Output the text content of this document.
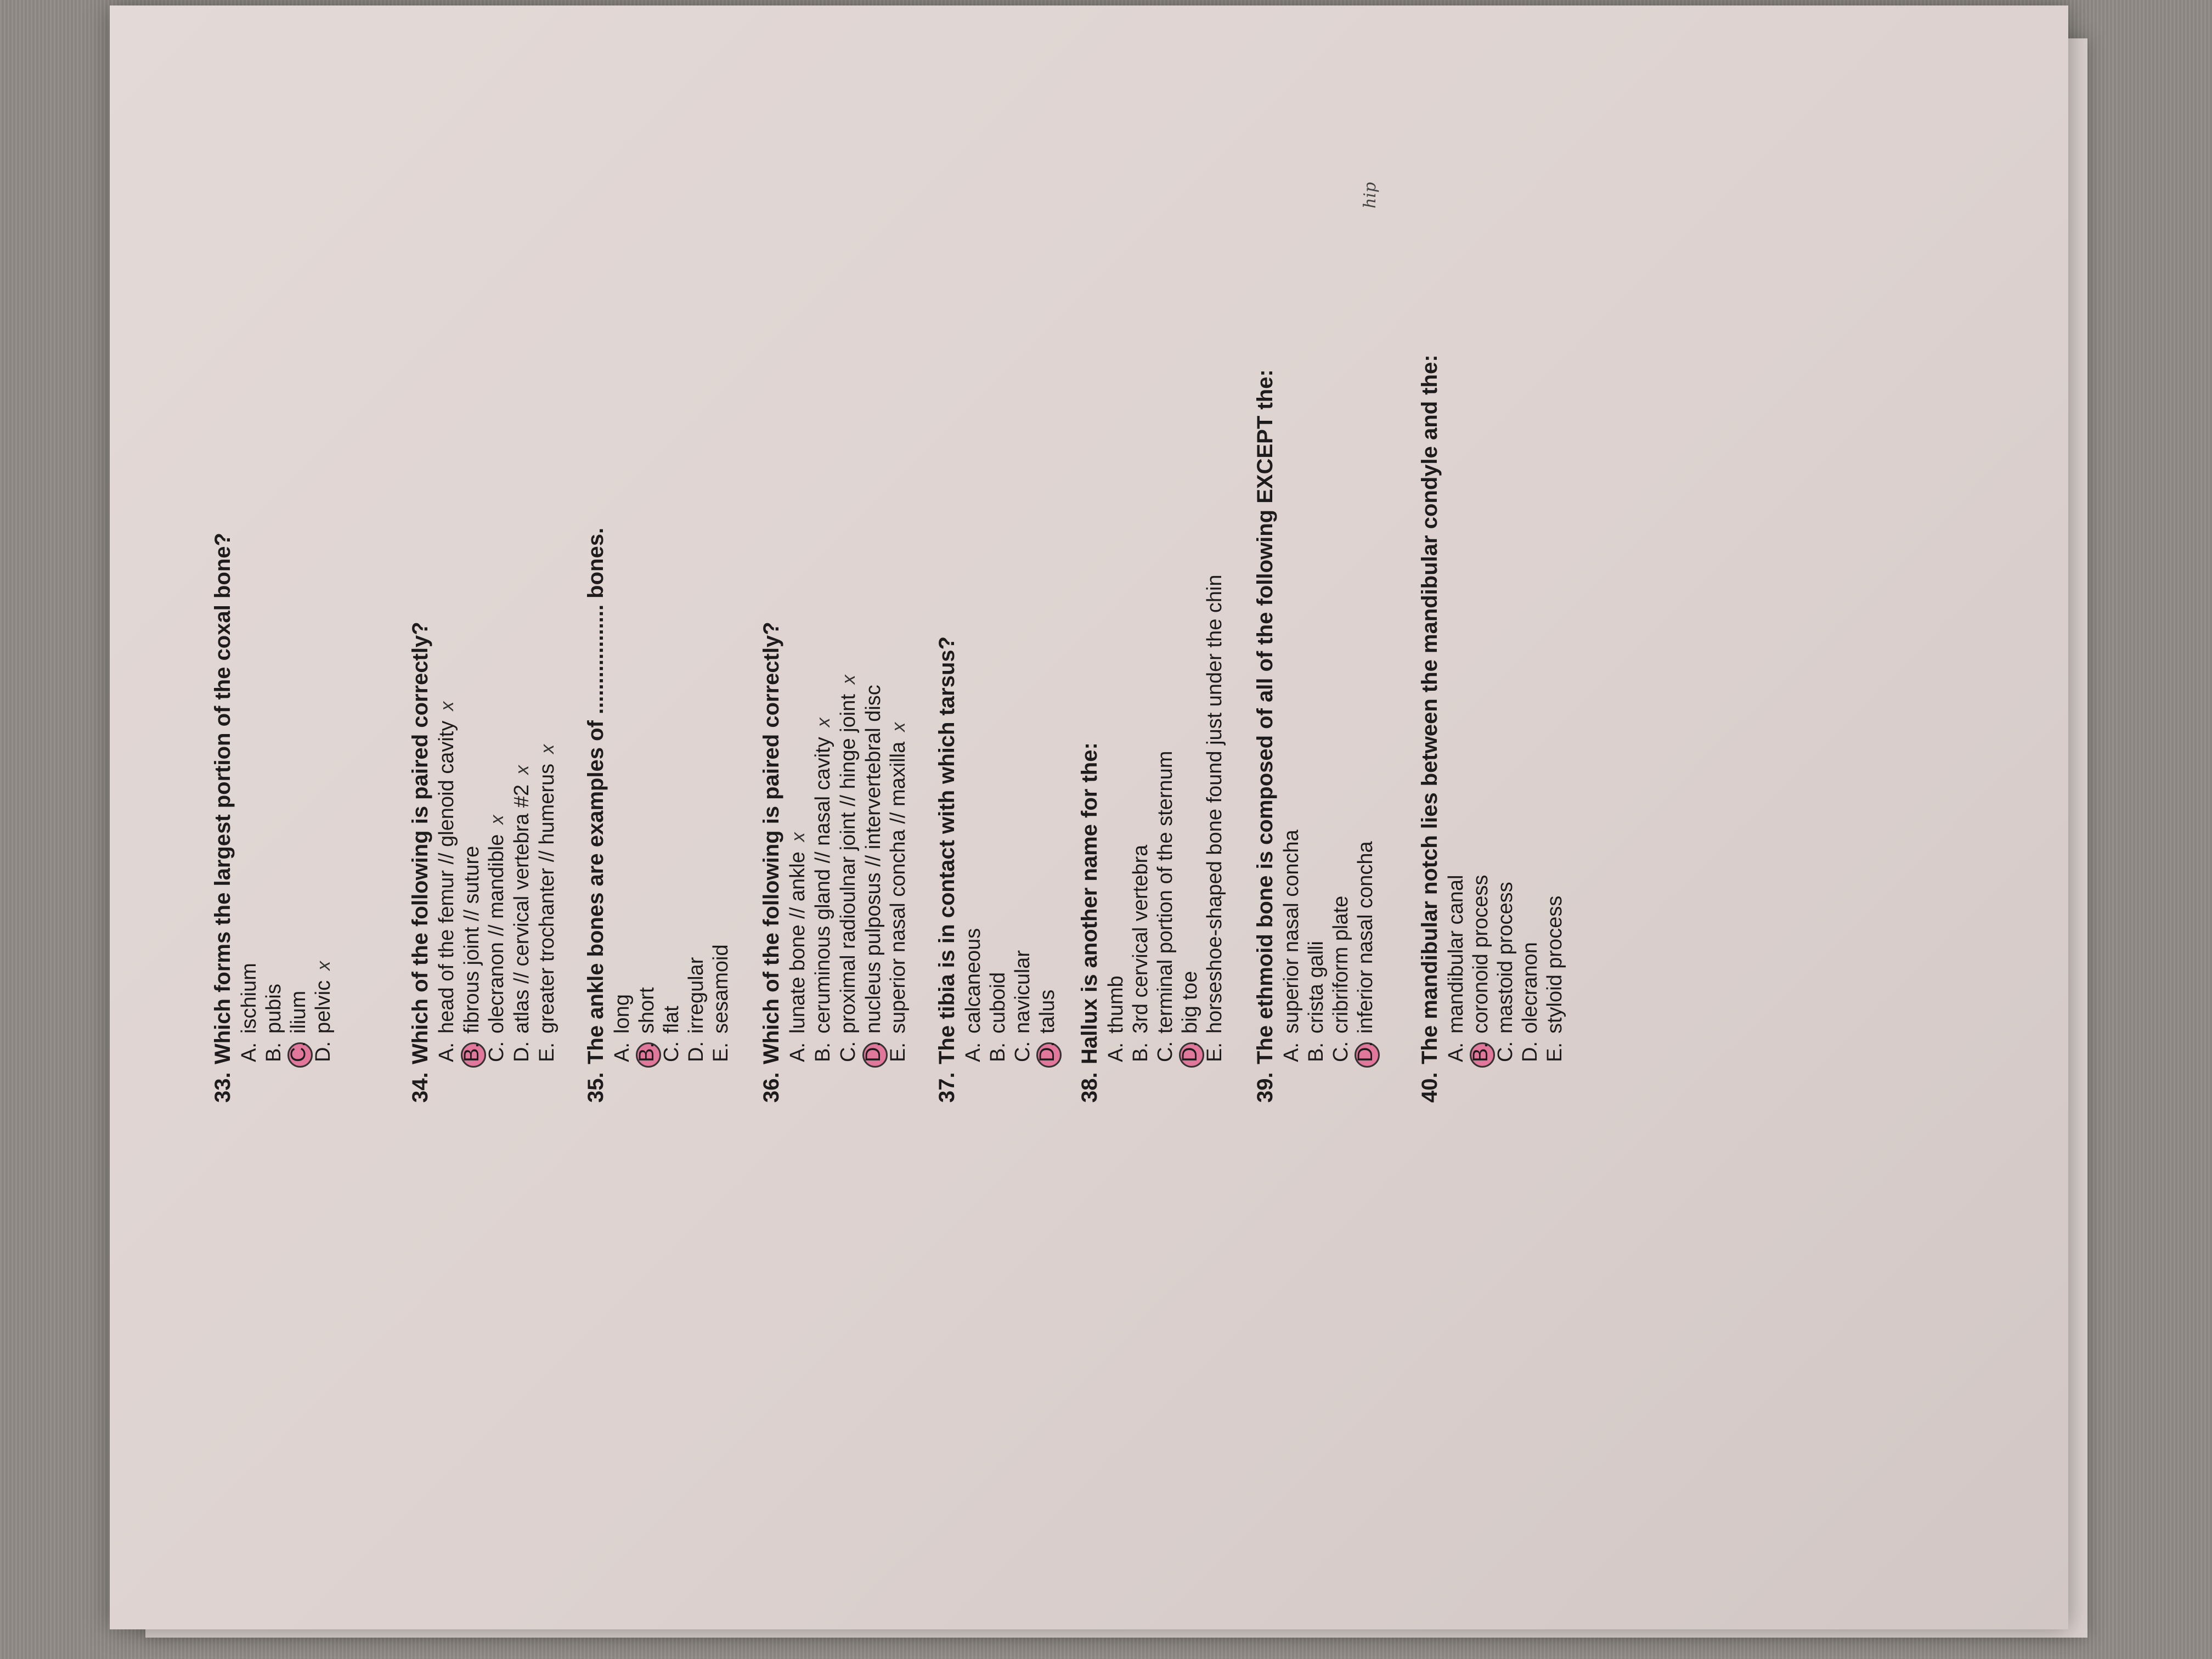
hip
33.Which forms the largest portion of the coxal bone? A.ischium
B.pubis
C.ilium
D.pelvicx
34.Which of the following is paired correctly? A.head of the femur // glenoid cavityx
B.fibrous joint // suture
C.olecranon // mandiblex
D.atlas // cervical vertebra #2x
E.greater trochanter // humerusx
35.The ankle bones are examples of .................. bones. A.long
B.short
C.flat
D.irregular
E.sesamoid
36.Which of the following is paired correctly? A.lunate bone // anklex
B.ceruminous gland // nasal cavityx
C.proximal radioulnar joint // hinge jointx
D.nucleus pulposus // intervertebral disc
E.superior nasal concha // maxillax
37.The tibia is in contact with which tarsus? A.calcaneous
B.cuboid
C.navicular
D.talus
38.Hallux is another name for the: A.thumb
B.3rd cervical vertebra
C.terminal portion of the sternum
D.big toe
E.horseshoe-shaped bone found just under the chin
39.The ethmoid bone is composed of all of the following EXCEPT the: A.superior nasal concha
B.crista galli
C.cribriform plate
D.inferior nasal concha
40.The mandibular notch lies between the mandibular condyle and the: A.mandibular canal
B.coronoid process
C.mastoid process
D.olecranon
E.styloid process
